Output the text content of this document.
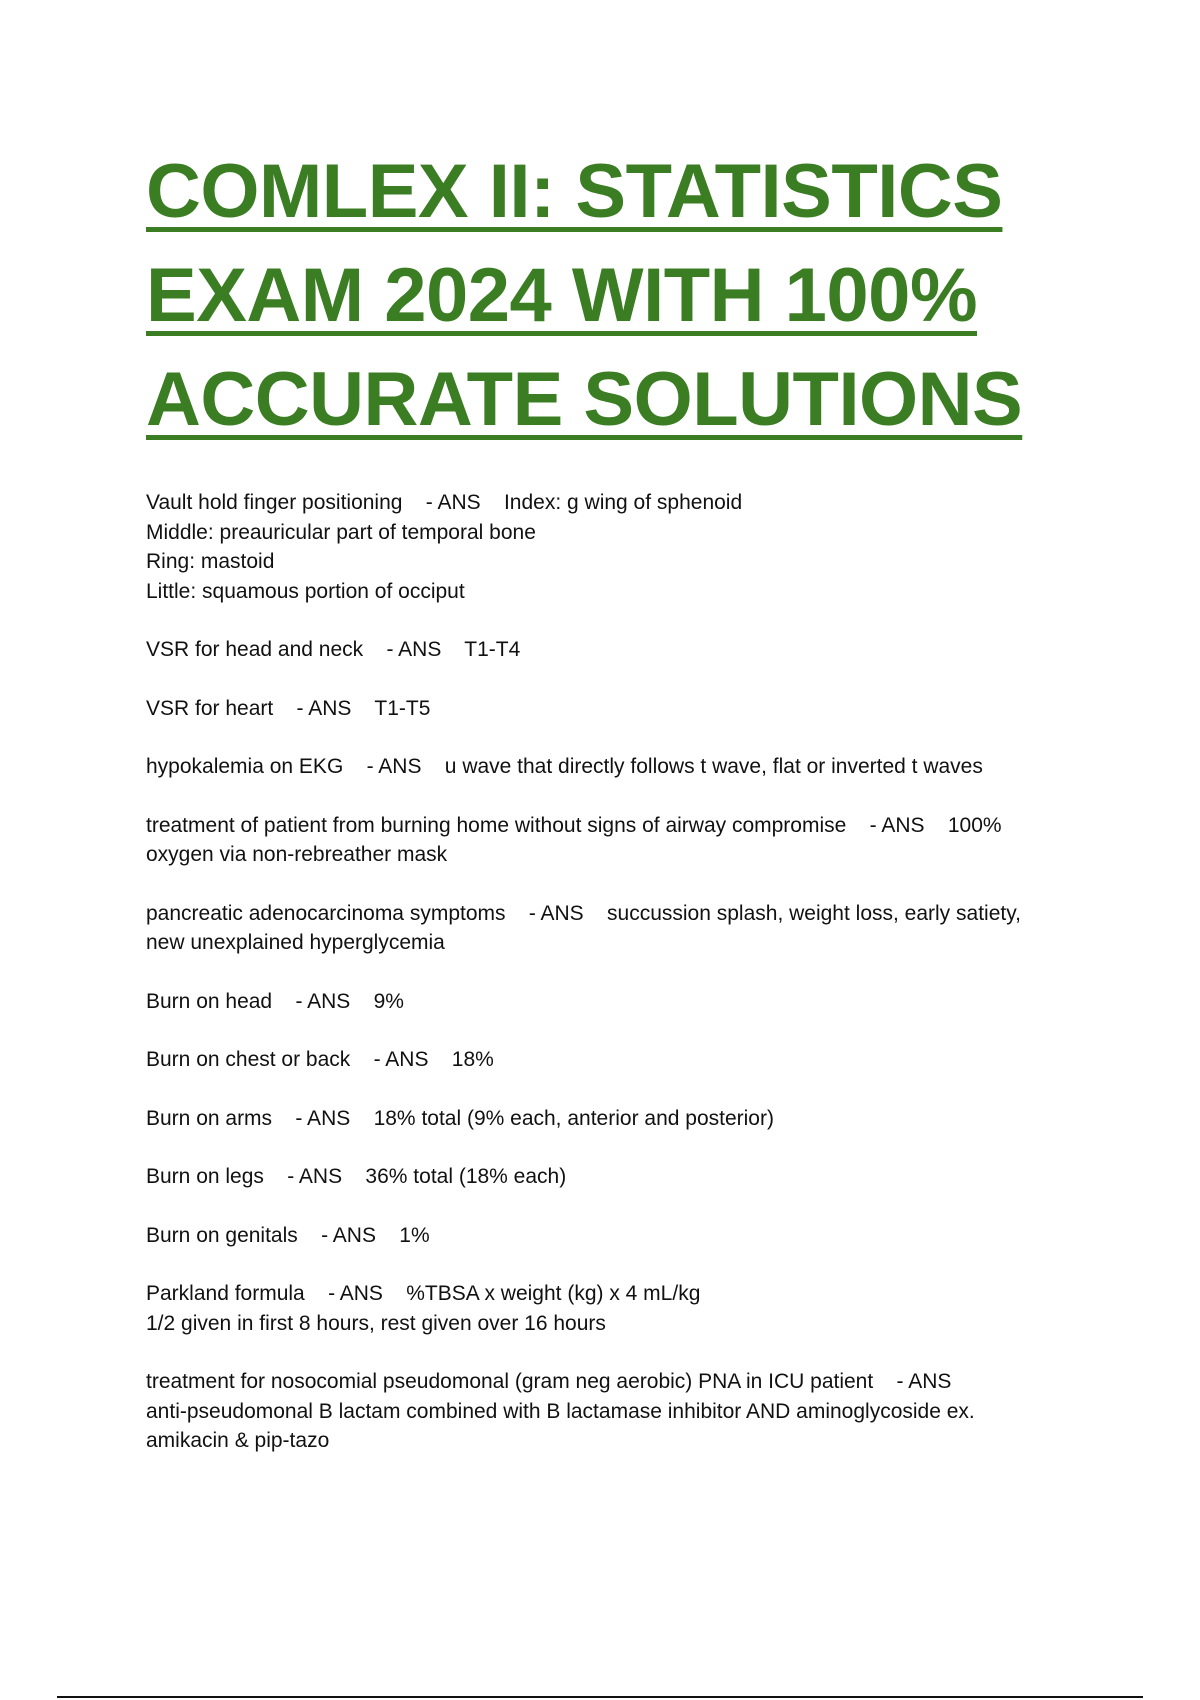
COMLEX II: STATISTICS
EXAM 2024 WITH 100%
ACCURATE SOLUTIONS

Vault hold finger positioning    - ANS    Index: g wing of sphenoid
Middle: preauricular part of temporal bone
Ring: mastoid
Little: squamous portion of occiput

VSR for head and neck    - ANS    T1-T4

VSR for heart    - ANS    T1-T5

hypokalemia on EKG    - ANS    u wave that directly follows t wave, flat or inverted t waves

treatment of patient from burning home without signs of airway compromise    - ANS    100%
oxygen via non-rebreather mask

pancreatic adenocarcinoma symptoms    - ANS    succussion splash, weight loss, early satiety,
new unexplained hyperglycemia

Burn on head    - ANS    9%

Burn on chest or back    - ANS    18%

Burn on arms    - ANS    18% total (9% each, anterior and posterior)

Burn on legs    - ANS    36% total (18% each)

Burn on genitals    - ANS    1%

Parkland formula    - ANS    %TBSA x weight (kg) x 4 mL/kg
1/2 given in first 8 hours, rest given over 16 hours

treatment for nosocomial pseudomonal (gram neg aerobic) PNA in ICU patient    - ANS
anti-pseudomonal B lactam combined with B lactamase inhibitor AND aminoglycoside ex.
amikacin & pip-tazo
